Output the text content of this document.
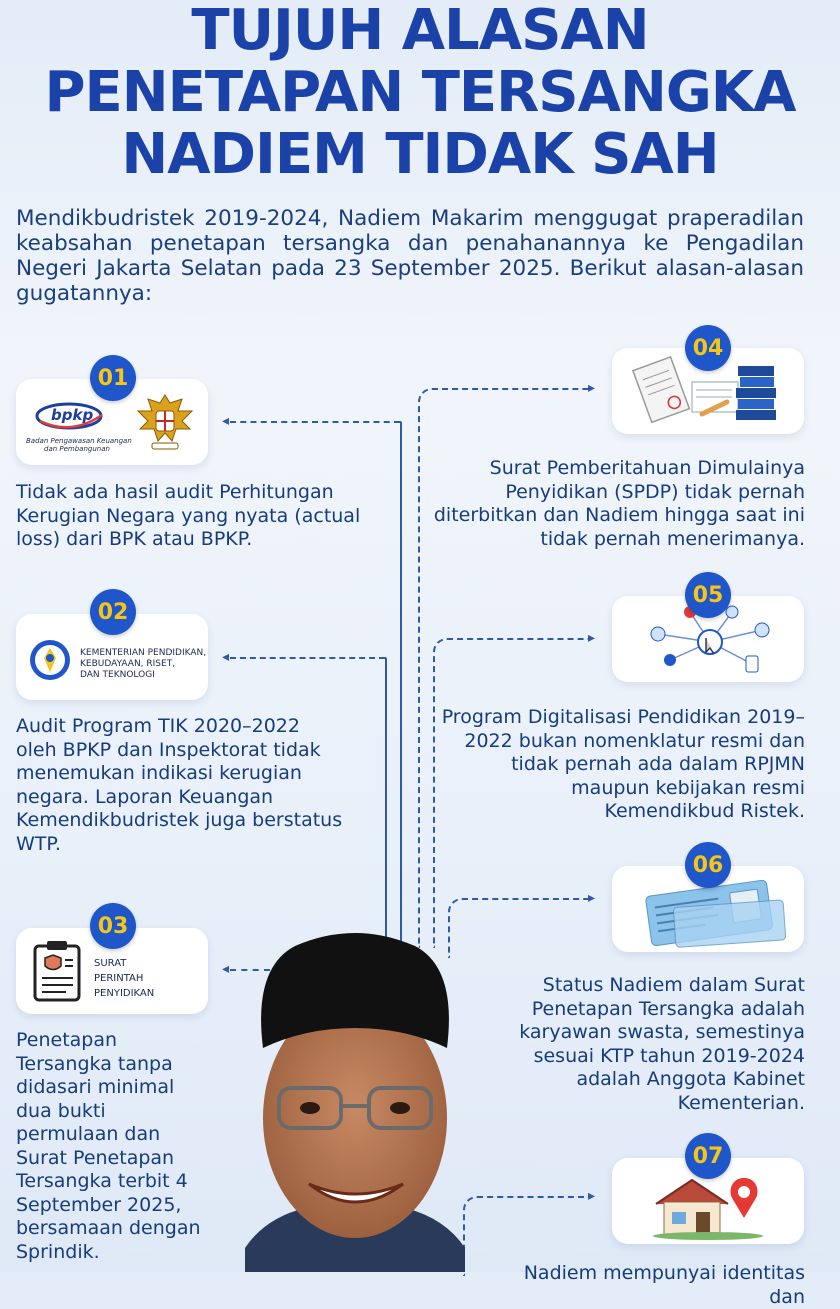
TUJUH ALASAN
PENETAPAN TERSANGKA
NADIEM TIDAK SAH
Mendikbudristek 2019-2024, Nadiem Makarim menggugat praperadilan keabsahan penetapan tersangka dan penahanannya ke Pengadilan Negeri Jakarta Selatan pada 23 September 2025. Berikut alasan-alasan gugatannya:
◂
◂
◂
▸
▸
▸
▸
bpkp
Badan Pengawasan Keuangan
dan Pembangunan
01
Tidak ada hasil audit Perhitungan Kerugian Negara yang nyata (actual loss) dari BPK atau BPKP.
KEMENTERIAN PENDIDIKAN,
KEBUDAYAAN, RISET,
DAN TEKNOLOGI
02
Audit Program TIK 2020–2022 oleh BPKP dan Inspektorat tidak menemukan indikasi kerugian negara. Laporan Keuangan Kemendikbudristek juga berstatus WTP.
SURAT
PERINTAH
PENYIDIKAN
03
Penetapan Tersangka tanpa didasari minimal dua bukti permulaan dan Surat Penetapan Tersangka terbit 4 September 2025, bersamaan dengan Sprindik.
04
Surat Pemberitahuan Dimulainya Penyidikan (SPDP) tidak pernah diterbitkan dan Nadiem hingga saat ini tidak pernah menerimanya.
05
Program Digitalisasi Pendidikan 2019–2022 bukan nomenklatur resmi dan tidak pernah ada dalam RPJMN maupun kebijakan resmi Kemendikbud Ristek.
06
Status Nadiem dalam Surat Penetapan Tersangka adalah karyawan swasta, semestinya sesuai KTP tahun 2019-2024 adalah Anggota Kabinet Kementerian.
07
Nadiem mempunyai identitas dan
